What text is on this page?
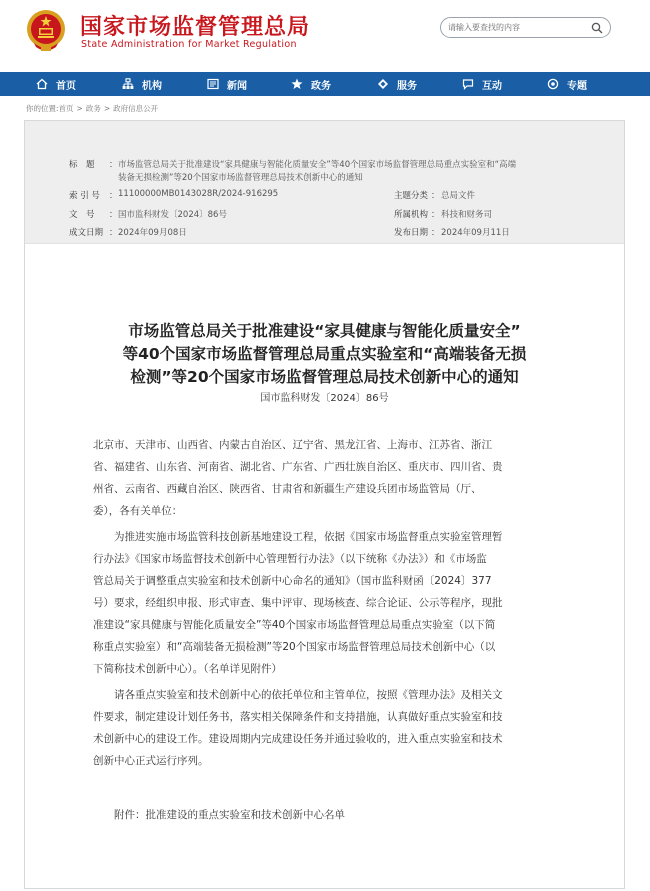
国家市场监督管理总局
State Administration for Market Regulation
请输入要查找的内容
首页	机构	新闻	政务	服务	互动	专题
你的位置:首页 > 政务 > 政府信息公开
标　题 ： 市场监管总局关于批准建设“家具健康与智能化质量安全”等40个国家市场监督管理总局重点实验室和“高端
装备无损检测”等20个国家市场监督管理总局技术创新中心的通知
索 引 号 ： 11100000MB0143028R/2024-916295	主题分类 ： 总局文件
文　号 ： 国市监科财发〔2024〕86号	所属机构 ： 科技和财务司
成文日期 ： 2024年09月08日	发布日期 ： 2024年09月11日
市场监管总局关于批准建设“家具健康与智能化质量安全”
等40个国家市场监督管理总局重点实验室和“高端装备无损
检测”等20个国家市场监督管理总局技术创新中心的通知
国市监科财发〔2024〕86号
北京市、天津市、山西省、内蒙古自治区、辽宁省、黑龙江省、上海市、江苏省、浙江
省、福建省、山东省、河南省、湖北省、广东省、广西壮族自治区、重庆市、四川省、贵
州省、云南省、西藏自治区、陕西省、甘肃省和新疆生产建设兵团市场监管局（厅、
委），各有关单位：
　　为推进实施市场监管科技创新基地建设工程，依据《国家市场监督重点实验室管理暂
行办法》《国家市场监督技术创新中心管理暂行办法》（以下统称《办法》）和《市场监
管总局关于调整重点实验室和技术创新中心命名的通知》（国市监科财函〔2024〕377
号）要求，经组织申报、形式审查、集中评审、现场核查、综合论证、公示等程序，现批
准建设“家具健康与智能化质量安全”等40个国家市场监督管理总局重点实验室（以下简
称重点实验室）和“高端装备无损检测”等20个国家市场监督管理总局技术创新中心（以
下简称技术创新中心）。（名单详见附件）
　　请各重点实验室和技术创新中心的依托单位和主管单位，按照《管理办法》及相关文
件要求，制定建设计划任务书，落实相关保障条件和支持措施，认真做好重点实验室和技
术创新中心的建设工作。建设周期内完成建设任务并通过验收的，进入重点实验室和技术
创新中心正式运行序列。
　　附件：批准建设的重点实验室和技术创新中心名单
